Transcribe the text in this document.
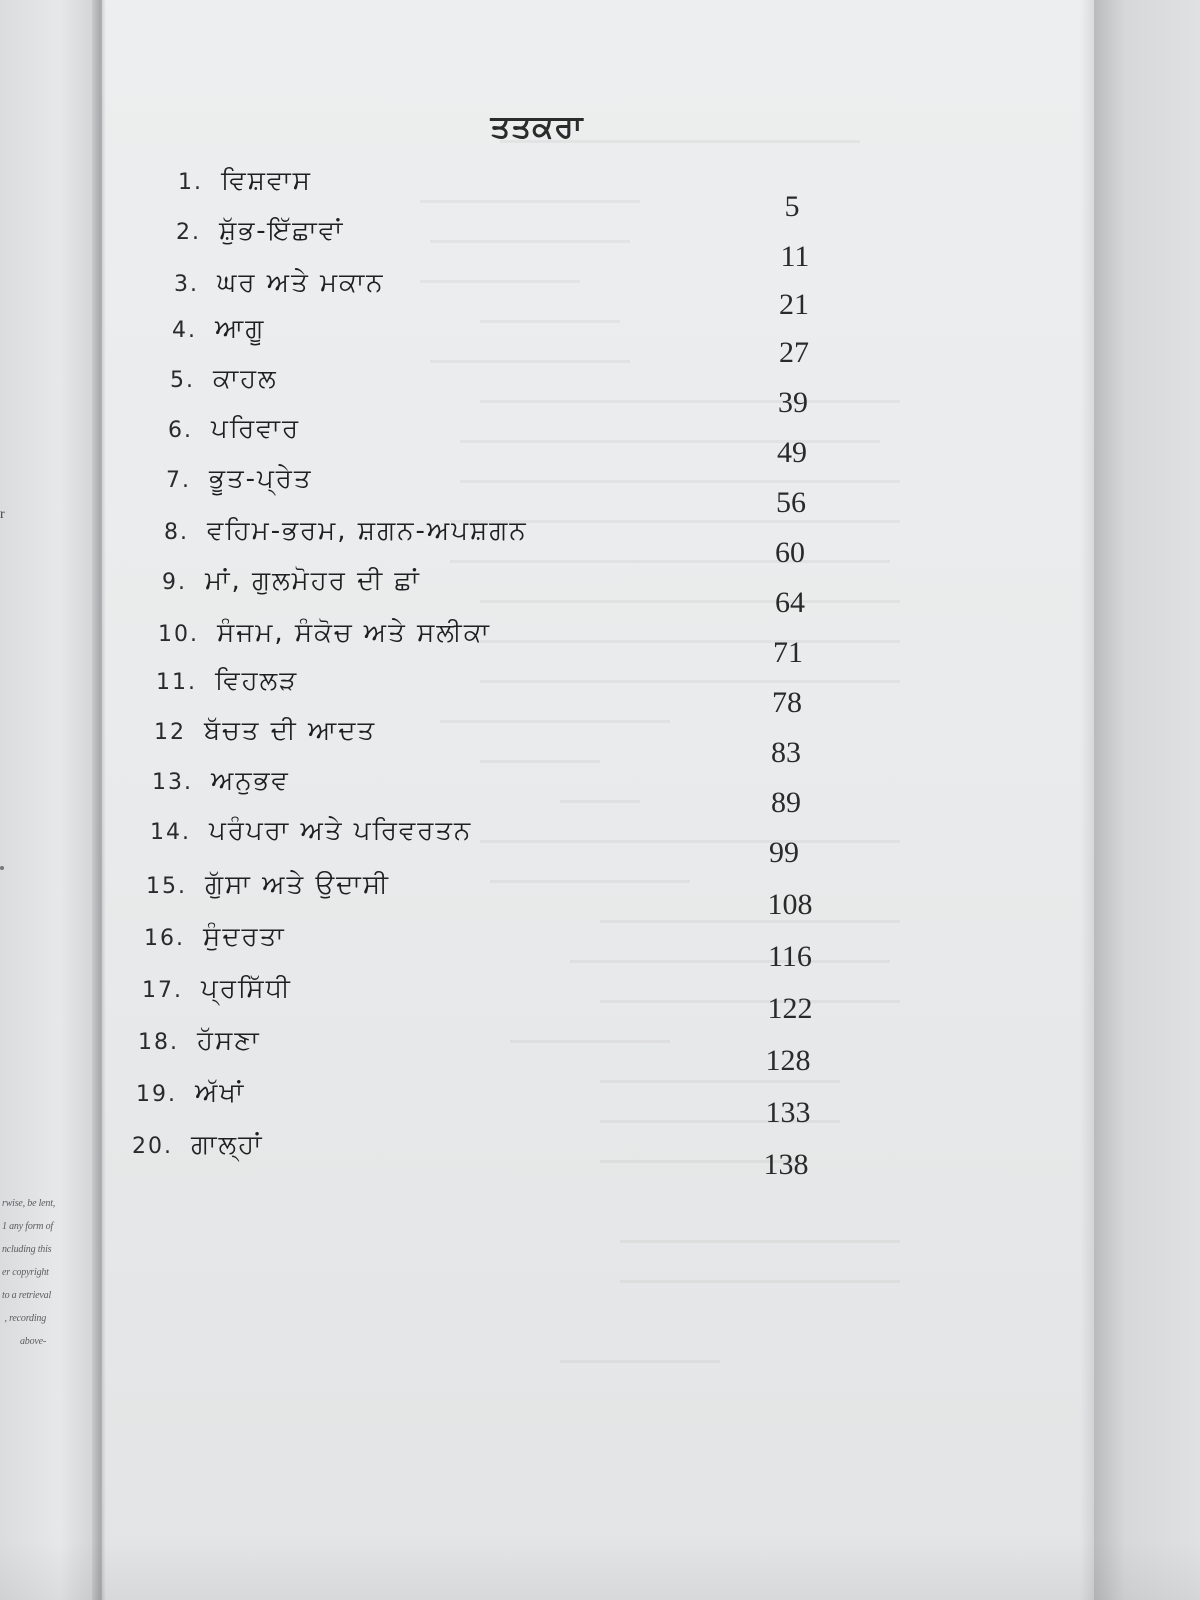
r
rwise, be lent,
1 any form of
ncluding this
er copyright
to a retrieval
, recording
above-
ਤਤਕਰਾ
1. ਵਿਸ਼ਵਾਸ
5
2. ਸ਼ੁੱਭ-ਇੱਛਾਵਾਂ
11
3. ਘਰ ਅਤੇ ਮਕਾਨ
21
4. ਆਗੂ
27
5. ਕਾਹਲ
39
6. ਪਰਿਵਾਰ
49
7. ਭੂਤ-ਪ੍ਰੇਤ
56
8. ਵਹਿਮ-ਭਰਮ, ਸ਼ਗਨ-ਅਪਸ਼ਗਨ
60
9. ਮਾਂ, ਗੁਲਮੋਹਰ ਦੀ ਛਾਂ
64
10. ਸੰਜਮ, ਸੰਕੋਚ ਅਤੇ ਸਲੀਕਾ
71
11. ਵਿਹਲੜ
78
12 ਬੱਚਤ ਦੀ ਆਦਤ
83
13. ਅਨੁਭਵ
89
14. ਪਰੰਪਰਾ ਅਤੇ ਪਰਿਵਰਤਨ
99
15. ਗੁੱਸਾ ਅਤੇ ਉਦਾਸੀ
108
16. ਸੁੰਦਰਤਾ
116
17. ਪ੍ਰਸਿੱਧੀ
122
18. ਹੱਸਣਾ
128
19. ਅੱਖਾਂ
133
20. ਗਾਲ੍ਹਾਂ
138
